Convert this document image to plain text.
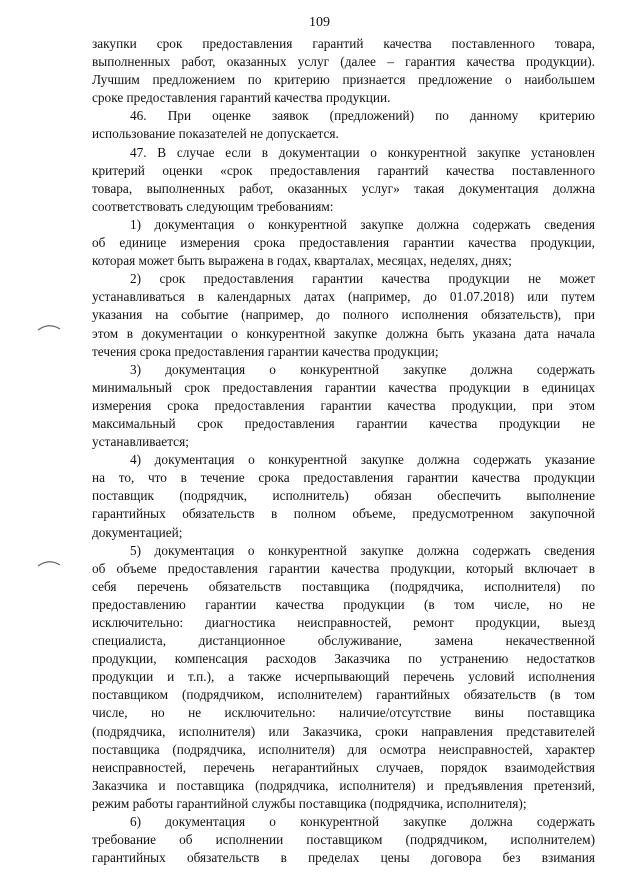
109
закупки срок предоставления гарантий качества поставленного товара,
выполненных работ, оказанных услуг (далее – гарантия качества продукции).
Лучшим предложением по критерию признается предложение о наибольшем
сроке предоставления гарантий качества продукции.
46. При оценке заявок (предложений) по данному критерию
использование показателей не допускается.
47. В случае если в документации о конкурентной закупке установлен
критерий оценки «срок предоставления гарантий качества поставленного
товара, выполненных работ, оказанных услуг» такая документация должна
соответствовать следующим требованиям:
1) документация о конкурентной закупке должна содержать сведения
об единице измерения срока предоставления гарантии качества продукции,
которая может быть выражена в годах, кварталах, месяцах, неделях, днях;
2) срок предоставления гарантии качества продукции не может
устанавливаться в календарных датах (например, до 01.07.2018) или путем
указания на событие (например, до полного исполнения обязательств), при
этом в документации о конкурентной закупке должна быть указана дата начала
течения срока предоставления гарантии качества продукции;
3) документация о конкурентной закупке должна содержать
минимальный срок предоставления гарантии качества продукции в единицах
измерения срока предоставления гарантии качества продукции, при этом
максимальный срок предоставления гарантии качества продукции не
устанавливается;
4) документация о конкурентной закупке должна содержать указание
на то, что в течение срока предоставления гарантии качества продукции
поставщик (подрядчик, исполнитель) обязан обеспечить выполнение
гарантийных обязательств в полном объеме, предусмотренном закупочной
документацией;
5) документация о конкурентной закупке должна содержать сведения
об объеме предоставления гарантии качества продукции, который включает в
себя перечень обязательств поставщика (подрядчика, исполнителя) по
предоставлению гарантии качества продукции (в том числе, но не
исключительно: диагностика неисправностей, ремонт продукции, выезд
специалиста, дистанционное обслуживание, замена некачественной
продукции, компенсация расходов Заказчика по устранению недостатков
продукции и т.п.), а также исчерпывающий перечень условий исполнения
поставщиком (подрядчиком, исполнителем) гарантийных обязательств (в том
числе, но не исключительно: наличие/отсутствие вины поставщика
(подрядчика, исполнителя) или Заказчика, сроки направления представителей
поставщика (подрядчика, исполнителя) для осмотра неисправностей, характер
неисправностей, перечень негарантийных случаев, порядок взаимодействия
Заказчика и поставщика (подрядчика, исполнителя) и предъявления претензий,
режим работы гарантийной службы поставщика (подрядчика, исполнителя);
6) документация о конкурентной закупке должна содержать
требование об исполнении поставщиком (подрядчиком, исполнителем)
гарантийных обязательств в пределах цены договора без взимания
